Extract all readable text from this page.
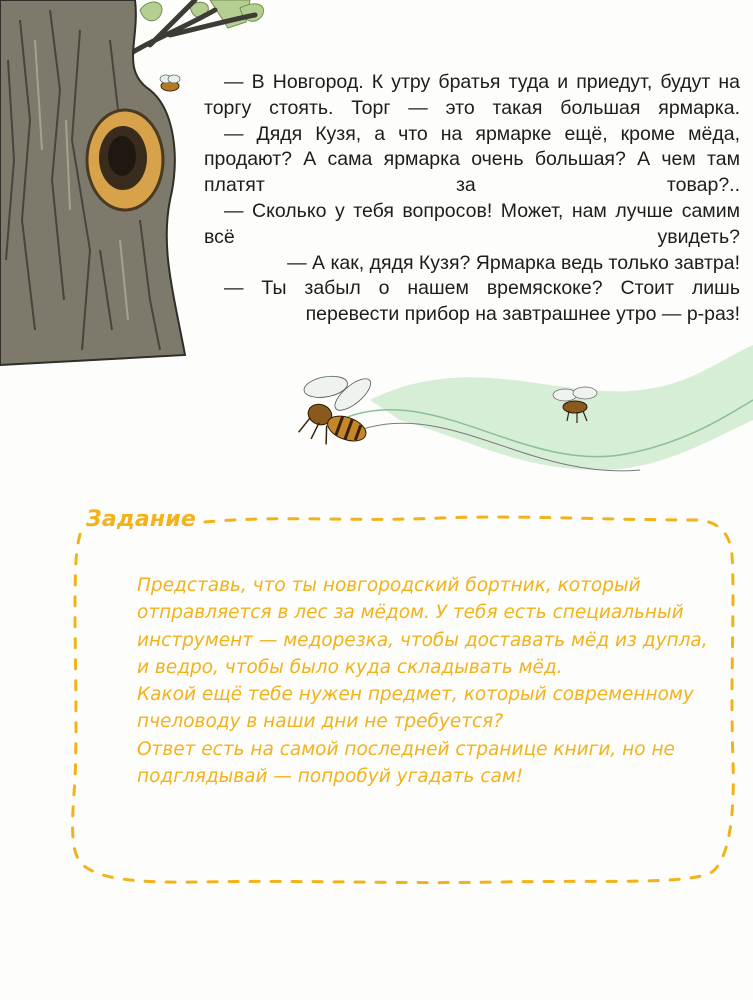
— В Новгород. К утру братья туда и приедут, будут на торгу стоять. Торг — это такая большая ярмарка.

— Дядя Кузя, а что на ярмарке ещё, кроме мёда, продают? А сама ярмарка очень большая? А чем там платят за товар?..

— Сколько у тебя вопросов! Может, нам лучше самим всё увидеть?

— А как, дядя Кузя? Ярмарка ведь только завтра!

— Ты забыл о нашем времяскоке? Стоит лишь перевести прибор на завтрашнее утро — р-раз!

Задание

Представь, что ты новгородский бортник, который отправляется в лес за мёдом. У тебя есть специальный инструмент — медорезка, чтобы доставать мёд из дупла, и ведро, чтобы было куда складывать мёд.

Какой ещё тебе нужен предмет, который современному пчеловоду в наши дни не требуется?

Ответ есть на самой последней странице книги, но не подглядывай — попробуй угадать сам!
